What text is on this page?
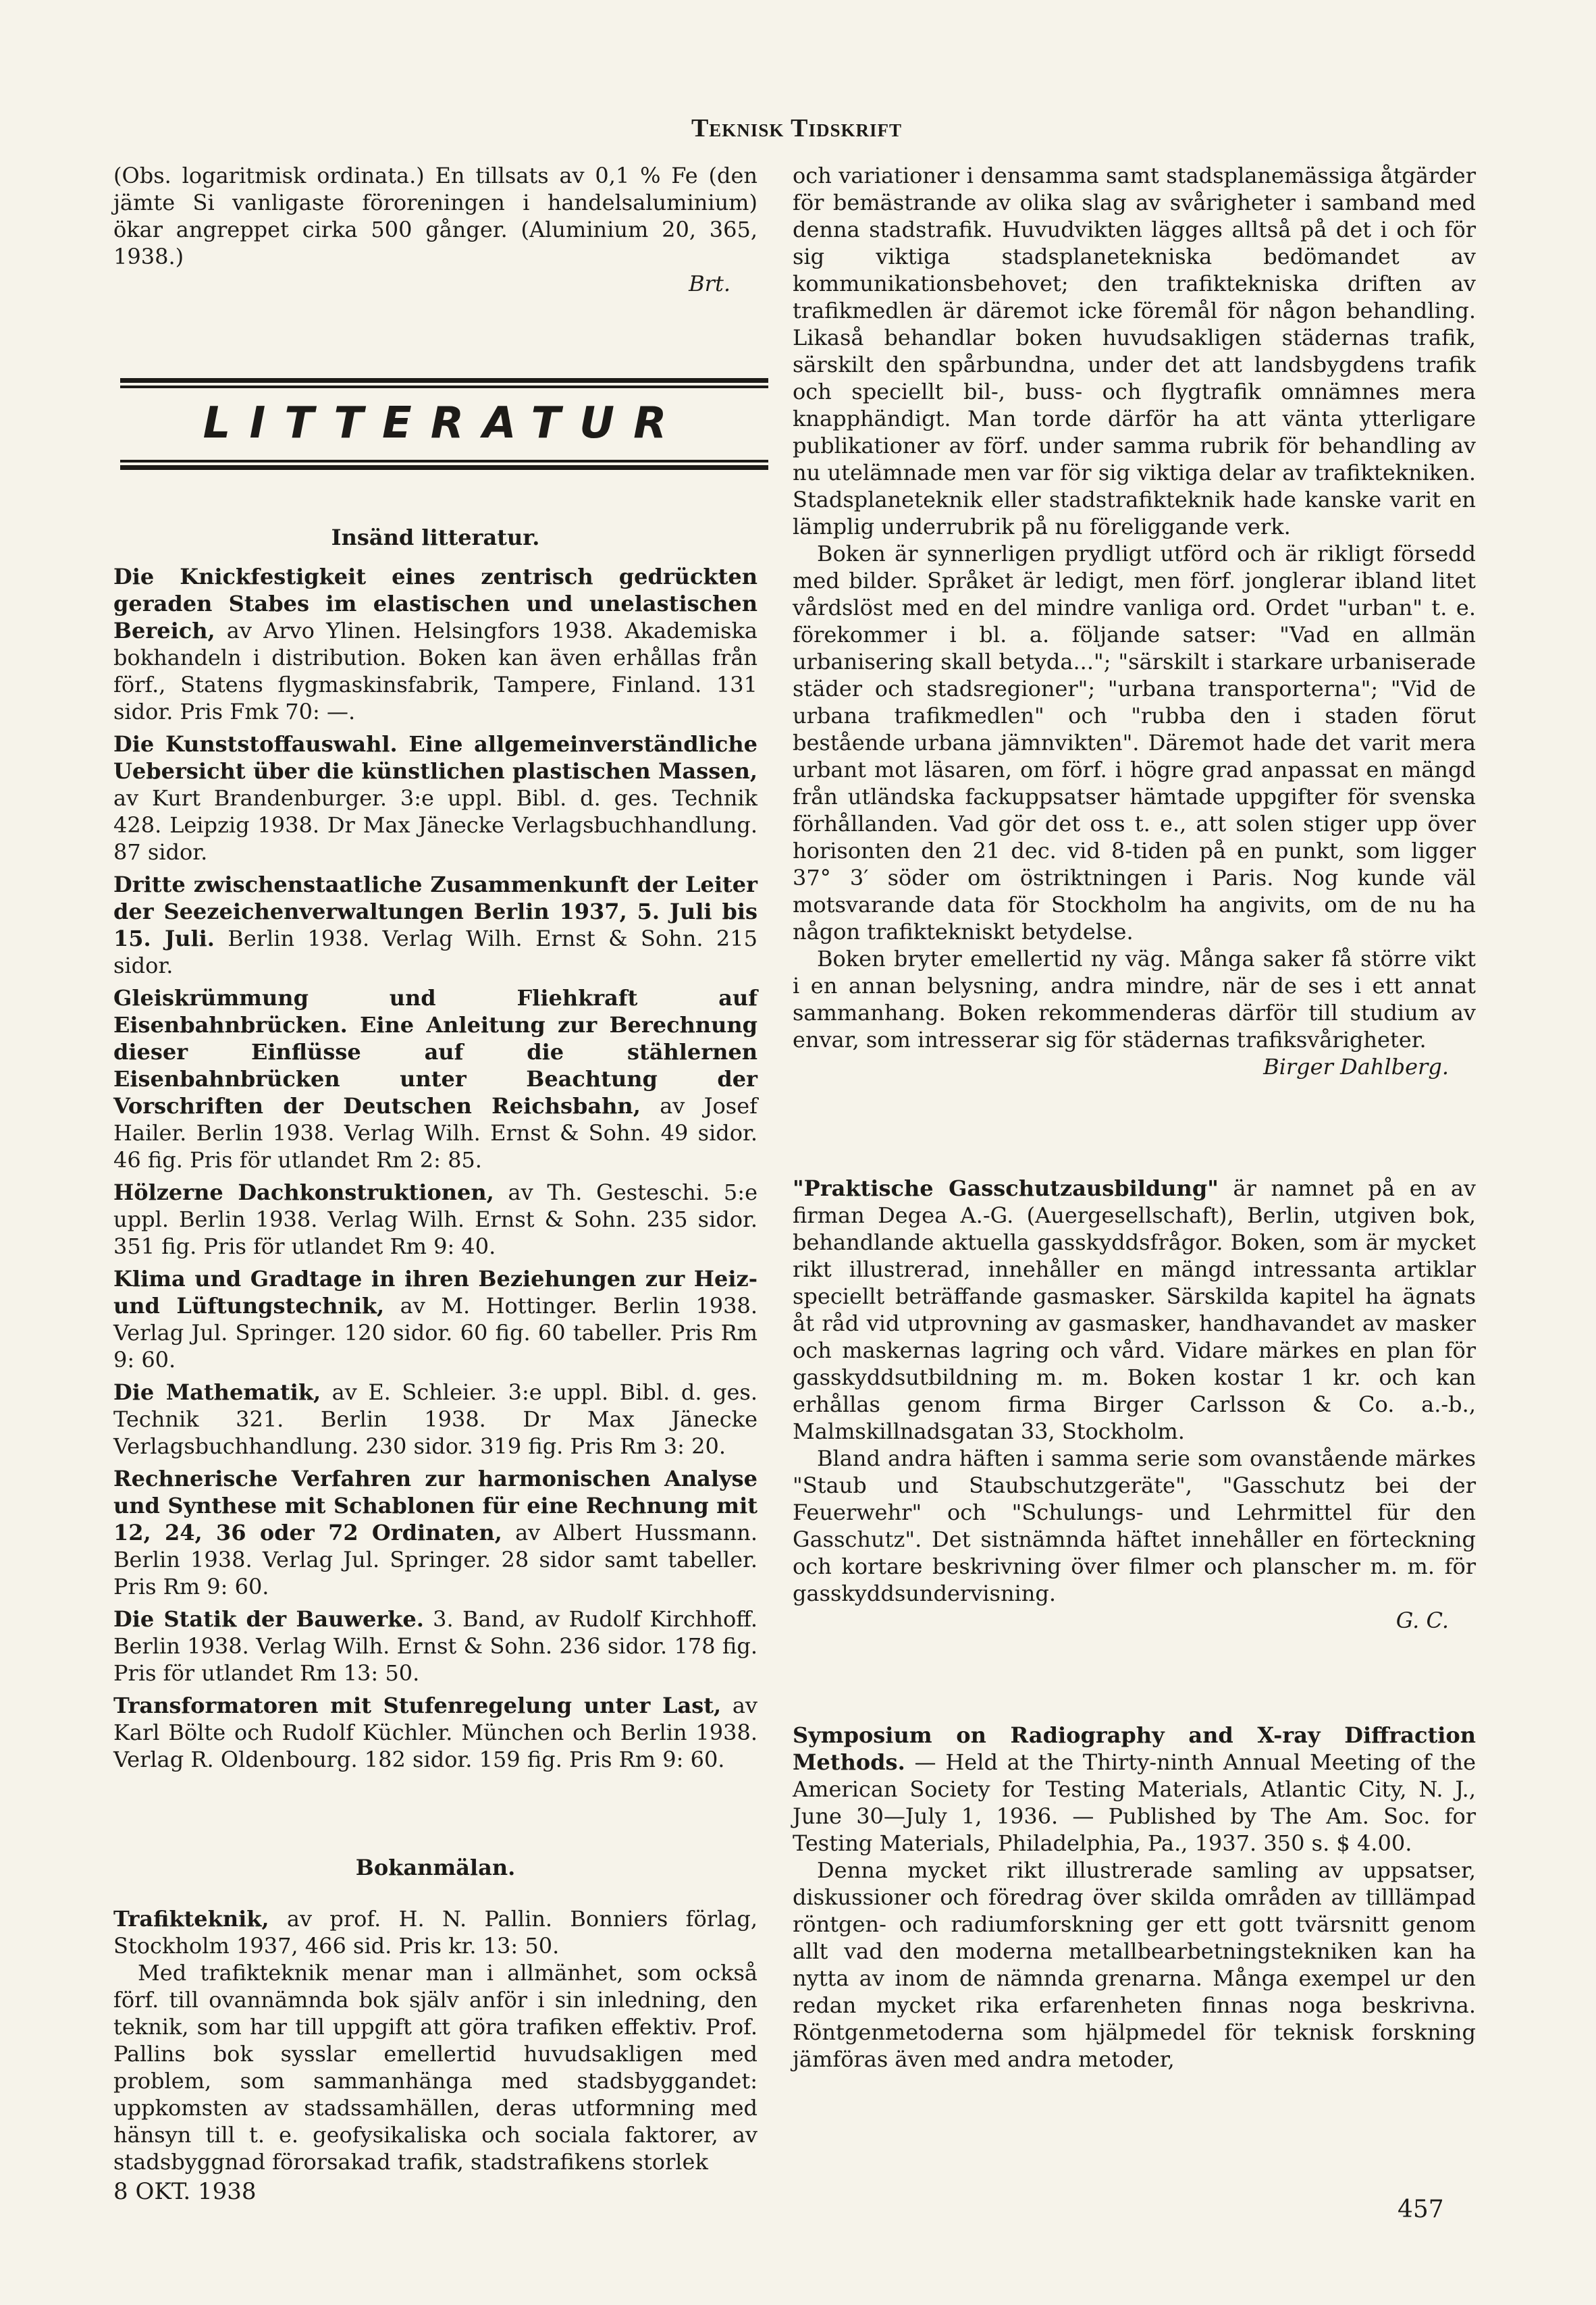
Teknisk Tidskrift

(Obs. logaritmisk ordinata.) En tillsats av 0,1 % Fe (den jämte Si vanligaste föroreningen i handelsaluminium) ökar angreppet cirka 500 gånger. (Aluminium 20, 365, 1938.)

Brt.

LITTERATUR
Insänd litteratur.

Die Knickfestigkeit eines zentrisch gedrückten geraden Stabes im elastischen und unelastischen Bereich, av Arvo Ylinen. Helsingfors 1938. Akademiska bokhandeln i distribution. Boken kan även erhållas från förf., Statens flygmaskinsfabrik, Tampere, Finland. 131 sidor. Pris Fmk 70: —.

Die Kunststoffauswahl. Eine allgemeinverständliche Uebersicht über die künstlichen plastischen Massen, av Kurt Brandenburger. 3:e uppl. Bibl. d. ges. Technik 428. Leipzig 1938. Dr Max Jänecke Verlagsbuchhandlung. 87 sidor.

Dritte zwischenstaatliche Zusammenkunft der Leiter der Seezeichenverwaltungen Berlin 1937, 5. Juli bis 15. Juli. Berlin 1938. Verlag Wilh. Ernst & Sohn. 215 sidor.

Gleiskrümmung und Fliehkraft auf Eisenbahnbrücken. Eine Anleitung zur Berechnung dieser Einflüsse auf die stählernen Eisenbahnbrücken unter Beachtung der Vorschriften der Deutschen Reichsbahn, av Josef Hailer. Berlin 1938. Verlag Wilh. Ernst & Sohn. 49 sidor. 46 fig. Pris för utlandet Rm 2: 85.

Hölzerne Dachkonstruktionen, av Th. Gesteschi. 5:e uppl. Berlin 1938. Verlag Wilh. Ernst & Sohn. 235 sidor. 351 fig. Pris för utlandet Rm 9: 40.

Klima und Gradtage in ihren Beziehungen zur Heiz- und Lüftungstechnik, av M. Hottinger. Berlin 1938. Verlag Jul. Springer. 120 sidor. 60 fig. 60 tabeller. Pris Rm 9: 60.

Die Mathematik, av E. Schleier. 3:e uppl. Bibl. d. ges. Technik 321. Berlin 1938. Dr Max Jänecke Verlagsbuchhandlung. 230 sidor. 319 fig. Pris Rm 3: 20.

Rechnerische Verfahren zur harmonischen Analyse und Synthese mit Schablonen für eine Rechnung mit 12, 24, 36 oder 72 Ordinaten, av Albert Hussmann. Berlin 1938. Verlag Jul. Springer. 28 sidor samt tabeller. Pris Rm 9: 60.

Die Statik der Bauwerke. 3. Band, av Rudolf Kirchhoff. Berlin 1938. Verlag Wilh. Ernst & Sohn. 236 sidor. 178 fig. Pris för utlandet Rm 13: 50.

Transformatoren mit Stufenregelung unter Last, av Karl Bölte och Rudolf Küchler. München och Berlin 1938. Verlag R. Oldenbourg. 182 sidor. 159 fig. Pris Rm 9: 60.

Bokanmälan.

Trafikteknik, av prof. H. N. Pallin. Bonniers förlag, Stockholm 1937, 466 sid. Pris kr. 13: 50.

Med trafikteknik menar man i allmänhet, som också förf. till ovannämnda bok själv anför i sin inledning, den teknik, som har till uppgift att göra trafiken effektiv. Prof. Pallins bok sysslar emellertid huvudsakligen med problem, som sammanhänga med stadsbyggandet: uppkomsten av stadssamhällen, deras utformning med hänsyn till t. e. geofysikaliska och sociala faktorer, av stadsbyggnad förorsakad trafik, stadstrafikens storlek

och variationer i densamma samt stadsplanemässiga åtgärder för bemästrande av olika slag av svårigheter i samband med denna stadstrafik. Huvudvikten lägges alltså på det i och för sig viktiga stadsplanetekniska bedömandet av kommunikationsbehovet; den trafiktekniska driften av trafikmedlen är däremot icke föremål för någon behandling. Likaså behandlar boken huvudsakligen städernas trafik, särskilt den spårbundna, under det att landsbygdens trafik och speciellt bil-, buss- och flygtrafik omnämnes mera knapphändigt. Man torde därför ha att vänta ytterligare publikationer av förf. under samma rubrik för behandling av nu utelämnade men var för sig viktiga delar av trafiktekniken. Stadsplaneteknik eller stadstrafikteknik hade kanske varit en lämplig underrubrik på nu föreliggande verk.

Boken är synnerligen prydligt utförd och är rikligt försedd med bilder. Språket är ledigt, men förf. jonglerar ibland litet vårdslöst med en del mindre vanliga ord. Ordet "urban" t. e. förekommer i bl. a. följande satser: "Vad en allmän urbanisering skall betyda..."; "särskilt i starkare urbaniserade städer och stadsregioner"; "urbana transporterna"; "Vid de urbana trafikmedlen" och "rubba den i staden förut bestående urbana jämnvikten". Däremot hade det varit mera urbant mot läsaren, om förf. i högre grad anpassat en mängd från utländska fackuppsatser hämtade uppgifter för svenska förhållanden. Vad gör det oss t. e., att solen stiger upp över horisonten den 21 dec. vid 8-tiden på en punkt, som ligger 37° 3′ söder om östriktningen i Paris. Nog kunde väl motsvarande data för Stockholm ha angivits, om de nu ha någon trafiktekniskt betydelse.

Boken bryter emellertid ny väg. Många saker få större vikt i en annan belysning, andra mindre, när de ses i ett annat sammanhang. Boken rekommenderas därför till studium av envar, som intresserar sig för städernas trafiksvårigheter.

Birger Dahlberg.

"Praktische Gasschutzausbildung" är namnet på en av firman Degea A.-G. (Auergesellschaft), Berlin, utgiven bok, behandlande aktuella gasskyddsfrågor. Boken, som är mycket rikt illustrerad, innehåller en mängd intressanta artiklar speciellt beträffande gasmasker. Särskilda kapitel ha ägnats åt råd vid utprovning av gasmasker, handhavandet av masker och maskernas lagring och vård. Vidare märkes en plan för gasskyddsutbildning m. m. Boken kostar 1 kr. och kan erhållas genom firma Birger Carlsson & Co. a.-b., Malmskillnadsgatan 33, Stockholm.

Bland andra häften i samma serie som ovanstående märkes "Staub und Staubschutzgeräte", "Gasschutz bei der Feuerwehr" och "Schulungs- und Lehrmittel für den Gasschutz". Det sistnämnda häftet innehåller en förteckning och kortare beskrivning över filmer och planscher m. m. för gasskyddsundervisning.

G. C.

Symposium on Radiography and X-ray Diffraction Methods. — Held at the Thirty-ninth Annual Meeting of the American Society for Testing Materials, Atlantic City, N. J., June 30—July 1, 1936. — Published by The Am. Soc. for Testing Materials, Philadelphia, Pa., 1937. 350 s. $ 4.00.

Denna mycket rikt illustrerade samling av uppsatser, diskussioner och föredrag över skilda områden av tilllämpad röntgen- och radiumforskning ger ett gott tvärsnitt genom allt vad den moderna metallbearbetningstekniken kan ha nytta av inom de nämnda grenarna. Många exempel ur den redan mycket rika erfarenheten finnas noga beskrivna. Röntgenmetoderna som hjälpmedel för teknisk forskning jämföras även med andra metoder,

8 OKT. 1938
457
